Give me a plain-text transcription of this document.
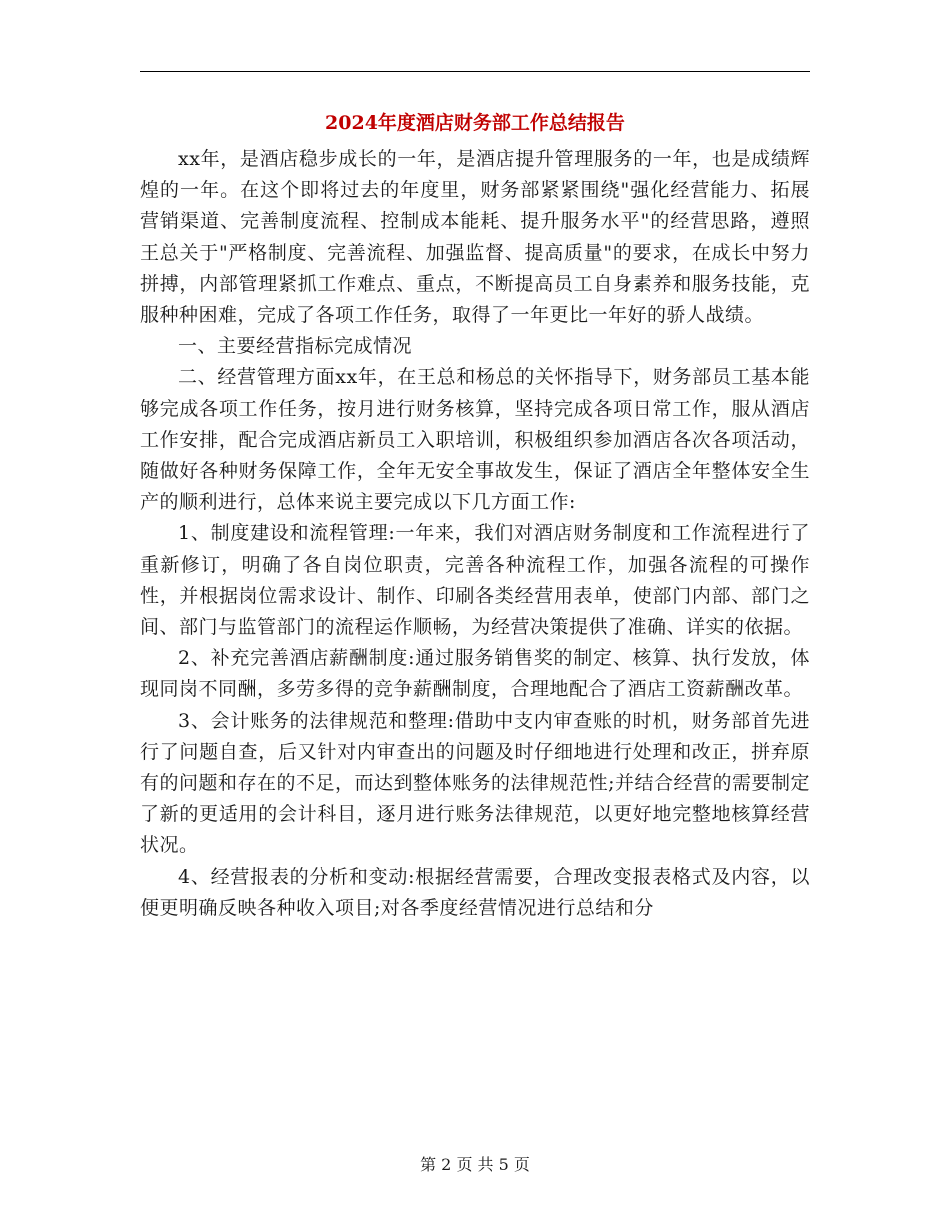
2024年度酒店财务部工作总结报告

xx年，是酒店稳步成长的一年，是酒店提升管理服务的一年，也是成绩辉煌的一年。在这个即将过去的年度里，财务部紧紧围绕"强化经营能力、拓展营销渠道、完善制度流程、控制成本能耗、提升服务水平"的经营思路，遵照王总关于"严格制度、完善流程、加强监督、提高质量"的要求，在成长中努力拼搏，内部管理紧抓工作难点、重点，不断提高员工自身素养和服务技能，克服种种困难，完成了各项工作任务，取得了一年更比一年好的骄人战绩。

一、主要经营指标完成情况

二、经营管理方面xx年，在王总和杨总的关怀指导下，财务部员工基本能够完成各项工作任务，按月进行财务核算，坚持完成各项日常工作，服从酒店工作安排，配合完成酒店新员工入职培训，积极组织参加酒店各次各项活动，随做好各种财务保障工作，全年无安全事故发生，保证了酒店全年整体安全生产的顺利进行，总体来说主要完成以下几方面工作:

1、制度建设和流程管理:一年来，我们对酒店财务制度和工作流程进行了重新修订，明确了各自岗位职责，完善各种流程工作，加强各流程的可操作性，并根据岗位需求设计、制作、印刷各类经营用表单，使部门内部、部门之间、部门与监管部门的流程运作顺畅，为经营决策提供了准确、详实的依据。

2、补充完善酒店薪酬制度:通过服务销售奖的制定、核算、执行发放，体现同岗不同酬，多劳多得的竞争薪酬制度，合理地配合了酒店工资薪酬改革。

3、会计账务的法律规范和整理:借助中支内审查账的时机，财务部首先进行了问题自查，后又针对内审查出的问题及时仔细地进行处理和改正，拼弃原有的问题和存在的不足，而达到整体账务的法律规范性;并结合经营的需要制定了新的更适用的会计科目，逐月进行账务法律规范，以更好地完整地核算经营状况。

4、经营报表的分析和变动:根据经营需要，合理改变报表格式及内容，以便更明确反映各种收入项目;对各季度经营情况进行总结和分

第 2 页 共 5 页
